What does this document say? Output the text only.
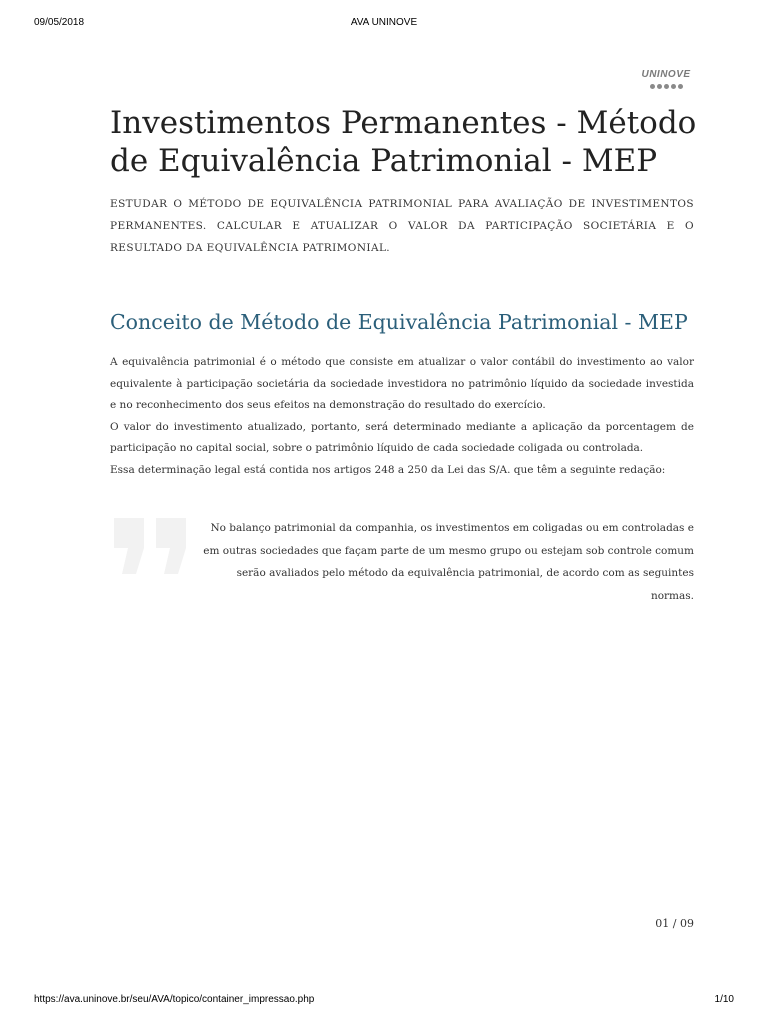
09/05/2018	AVA UNINOVE
UNINOVE
Investimentos Permanentes - Método de Equivalência Patrimonial - MEP

ESTUDAR O MÉTODO DE EQUIVALÊNCIA PATRIMONIAL PARA AVALIAÇÃO DE INVESTIMENTOS PERMANENTES. CALCULAR E ATUALIZAR O VALOR DA PARTICIPAÇÃO SOCIETÁRIA E O RESULTADO DA EQUIVALÊNCIA PATRIMONIAL.

Conceito de Método de Equivalência Patrimonial - MEP

A equivalência patrimonial é o método que consiste em atualizar o valor contábil do investimento ao valor equivalente à participação societária da sociedade investidora no patrimônio líquido da sociedade investida e no reconhecimento dos seus efeitos na demonstração do resultado do exercício.

O valor do investimento atualizado, portanto, será determinado mediante a aplicação da porcentagem de participação no capital social, sobre o patrimônio líquido de cada sociedade coligada ou controlada.

Essa determinação legal está contida nos artigos 248 a 250 da Lei das S/A. que têm a seguinte redação:

No balanço patrimonial da companhia, os investimentos em coligadas ou em controladas e em outras sociedades que façam parte de um mesmo grupo ou estejam sob controle comum serão avaliados pelo método da equivalência patrimonial, de acordo com as seguintes normas.

01 / 09
https://ava.uninove.br/seu/AVA/topico/container_impressao.php	1/10
